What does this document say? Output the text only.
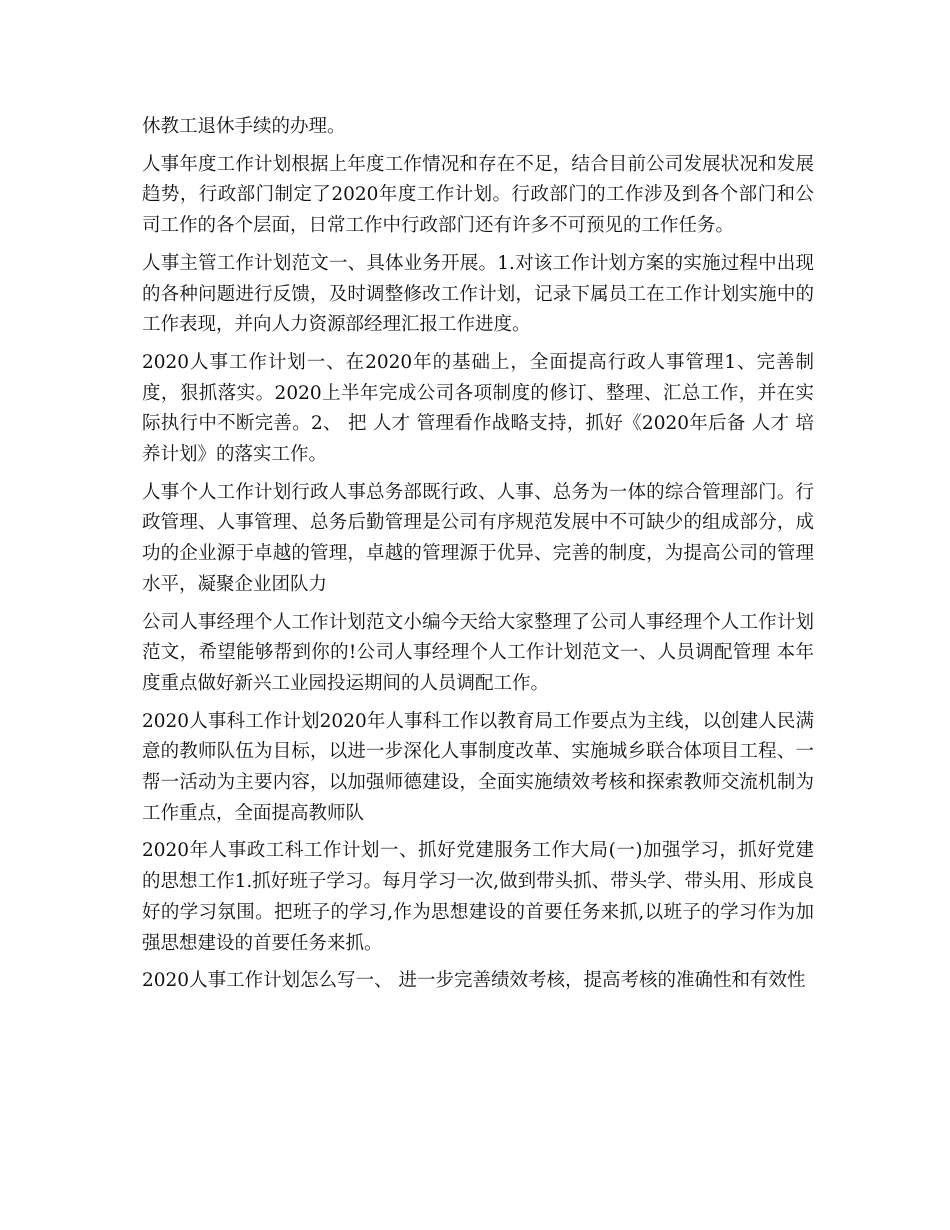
休教工退休手续的办理。

人事年度工作计划根据上年度工作情况和存在不足，结合目前公司发展状况和发展趋势，行政部门制定了2020年度工作计划。行政部门的工作涉及到各个部门和公司工作的各个层面，日常工作中行政部门还有许多不可预见的工作任务。

人事主管工作计划范文一、具体业务开展。1.对该工作计划方案的实施过程中出现的各种问题进行反馈，及时调整修改工作计划，记录下属员工在工作计划实施中的工作表现，并向人力资源部经理汇报工作进度。

2020人事工作计划一、在2020年的基础上，全面提高行政人事管理1、完善制度，狠抓落实。2020上半年完成公司各项制度的修订、整理、汇总工作，并在实际执行中不断完善。2、 把 人才 管理看作战略支持，抓好《2020年后备 人才 培养计划》的落实工作。

人事个人工作计划行政人事总务部既行政、人事、总务为一体的综合管理部门。行政管理、人事管理、总务后勤管理是公司有序规范发展中不可缺少的组成部分，成功的企业源于卓越的管理，卓越的管理源于优异、完善的制度，为提高公司的管理水平，凝聚企业团队力

公司人事经理个人工作计划范文小编今天给大家整理了公司人事经理个人工作计划范文，希望能够帮到你的!公司人事经理个人工作计划范文一、人员调配管理 本年度重点做好新兴工业园投运期间的人员调配工作。

2020人事科工作计划2020年人事科工作以教育局工作要点为主线，以创建人民满意的教师队伍为目标，以进一步深化人事制度改革、实施城乡联合体项目工程、一帮一活动为主要内容，以加强师德建设，全面实施绩效考核和探索教师交流机制为工作重点，全面提高教师队

2020年人事政工科工作计划一、抓好党建服务工作大局(一)加强学习，抓好党建的思想工作1.抓好班子学习。每月学习一次,做到带头抓、带头学、带头用、形成良好的学习氛围。把班子的学习,作为思想建设的首要任务来抓,以班子的学习作为加强思想建设的首要任务来抓。

2020人事工作计划怎么写一、 进一步完善绩效考核，提高考核的准确性和有效性
